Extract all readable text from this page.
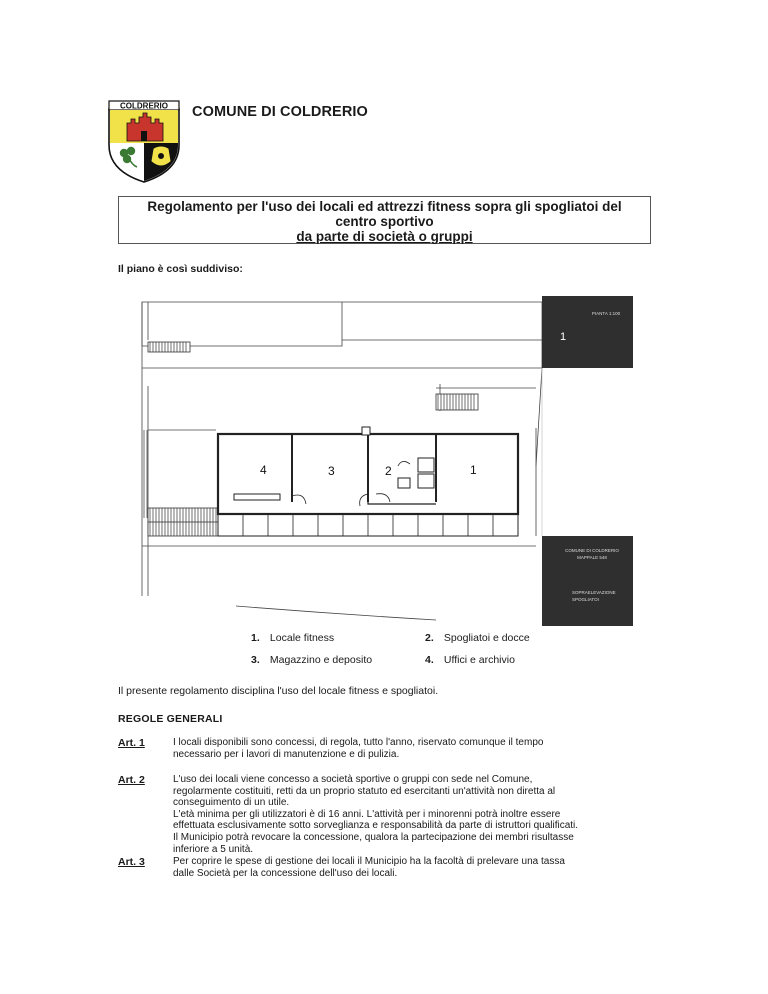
COLDRERIO COMUNE DI COLDRERIO
Regolamento per l'uso dei locali ed attrezzi fitness sopra gli spogliatoi del
centro sportivo
da parte di società o gruppi
Il piano è così suddiviso:
4	3	2	1
PIANTA 1:100
1
COMUNE DI COLDRERIO
MAPPALE 548
SOPRAELEVAZIONE
SPOGLIATOI
1. Locale fitness	2. Spogliatoi e docce
3. Magazzino e deposito	4. Uffici e archivio
Il presente regolamento disciplina l'uso del locale fitness e spogliatoi.
REGOLE GENERALI
Art. 1	I locali disponibili sono concessi, di regola, tutto l'anno, riservato comunque il tempo
necessario per i lavori di manutenzione e di pulizia.
Art. 2	L'uso dei locali viene concesso a società sportive o gruppi con sede nel Comune,
regolarmente costituiti, retti da un proprio statuto ed esercitanti un'attività non diretta al
conseguimento di un utile.
L'età minima per gli utilizzatori è di 16 anni. L'attività per i minorenni potrà inoltre essere
effettuata esclusivamente sotto sorveglianza e responsabilità da parte di istruttori qualificati.
Il Municipio potrà revocare la concessione, qualora la partecipazione dei membri risultasse
inferiore a 5 unità.
Art. 3	Per coprire le spese di gestione dei locali il Municipio ha la facoltà di prelevare una tassa
dalle Società per la concessione dell'uso dei locali.
